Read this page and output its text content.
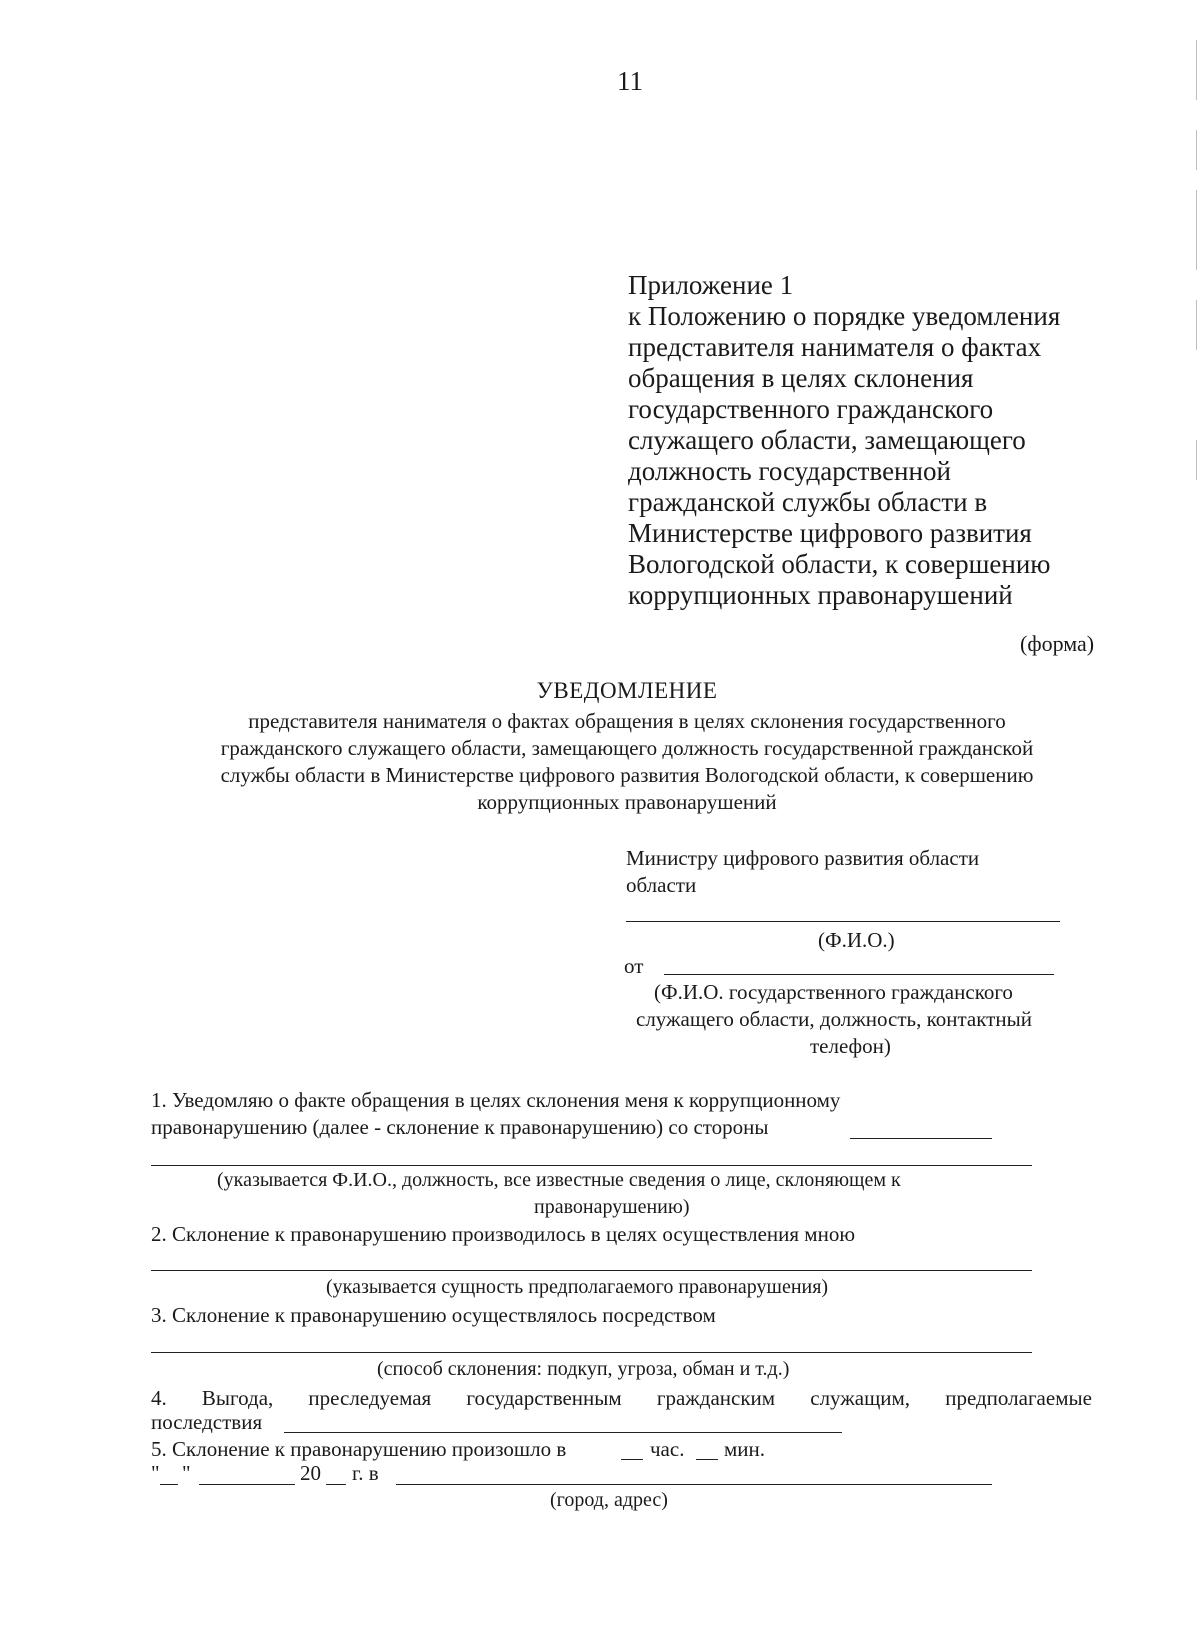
11
Приложение 1
к Положению о порядке уведомления
представителя нанимателя о фактах
обращения в целях склонения
государственного гражданского
служащего области, замещающего
должность государственной
гражданской службы области в
Министерстве цифрового развития
Вологодской области, к совершению
коррупционных правонарушений
(форма)
УВЕДОМЛЕНИЕ
представителя нанимателя о фактах обращения в целях склонения государственного
гражданского служащего области, замещающего должность государственной гражданской
службы области в Министерстве цифрового развития Вологодской области, к совершению
коррупционных правонарушений
Министру цифрового развития области
области
(Ф.И.О.)
от
(Ф.И.О. государственного гражданского
служащего области, должность, контактный
телефон)
1. Уведомляю о факте обращения в целях склонения меня к коррупционному
правонарушению (далее - склонение к правонарушению) со стороны
(указывается Ф.И.О., должность, все известные сведения о лице, склоняющем к
правонарушению)
2. Склонение к правонарушению производилось в целях осуществления мною
(указывается сущность предполагаемого правонарушения)
3. Склонение к правонарушению осуществлялось посредством
(способ склонения: подкуп, угроза, обман и т.д.)
4. Выгода, преследуемая государственным гражданским служащим, предполагаемые
последствия
5. Склонение к правонарушению произошло в	час. мин.
" "	20 г. в
(город, адрес)
